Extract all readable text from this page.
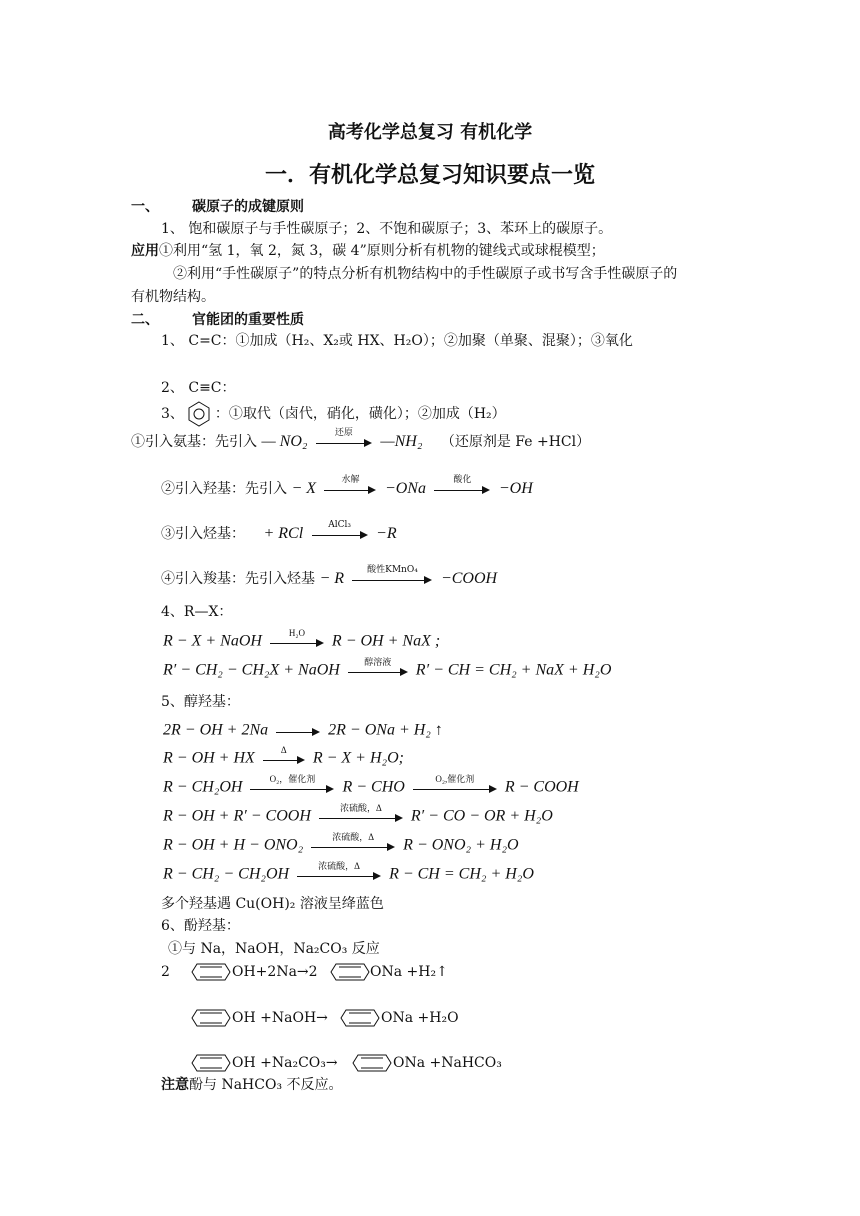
高考化学总复习 有机化学
一．有机化学总复习知识要点一览
一、 碳原子的成键原则
1、 饱和碳原子与手性碳原子；2、不饱和碳原子；3、苯环上的碳原子。
应用①利用“氢 1，氧 2，氮 3，碳 4”原则分析有机物的键线式或球棍模型；
②利用“手性碳原子”的特点分析有机物结构中的手性碳原子或书写含手性碳原子的
有机物结构。
二、 官能团的重要性质
1、 C=C：①加成（H₂、X₂或 HX、H₂O）；②加聚（单聚、混聚）；③氧化
2、 C≡C：
3、 ：①取代（卤代，硝化，磺化）；②加成（H₂）
①引入氨基：先引入 — NO₂	还原	—NH₂ （还原剂是 Fe +HCl）
②引入羟基：先引入 − X	水解	−ONa	酸化	−OH
③引入烃基： + RCl	AlCl₃	−R
④引入羧基：先引入烃基 − R	酸性KMnO₄	−COOH
4、R—X：
R − X + NaOH	H₂O	R − OH + NaX ;
R′ − CH₂ − CH₂X + NaOH	醇溶液	R′ − CH = CH₂ + NaX + H₂O
5、醇羟基：
2R − OH + 2Na	2R − ONa + H₂ ↑
R − OH + HX	Δ	R − X + H₂O;
R − CH₂OH	O₂，催化剂	R − CHO	O₂,催化剂	R − COOH
R − OH + R′ − COOH	浓硫酸，Δ	R′ − CO − OR + H₂O
R − OH + H − ONO₂	浓硫酸，Δ	R − ONO₂ + H₂O
R − CH₂ − CH₂OH	浓硫酸，Δ	R − CH = CH₂ + H₂O
多个羟基遇 Cu(OH)₂ 溶液呈绛蓝色
6、酚羟基：
①与 Na，NaOH，Na₂CO₃ 反应
2	OH+2Na→2	ONa +H₂↑
OH +NaOH→	ONa +H₂O
OH +Na₂CO₃→	ONa +NaHCO₃
注意酚与 NaHCO₃ 不反应。
